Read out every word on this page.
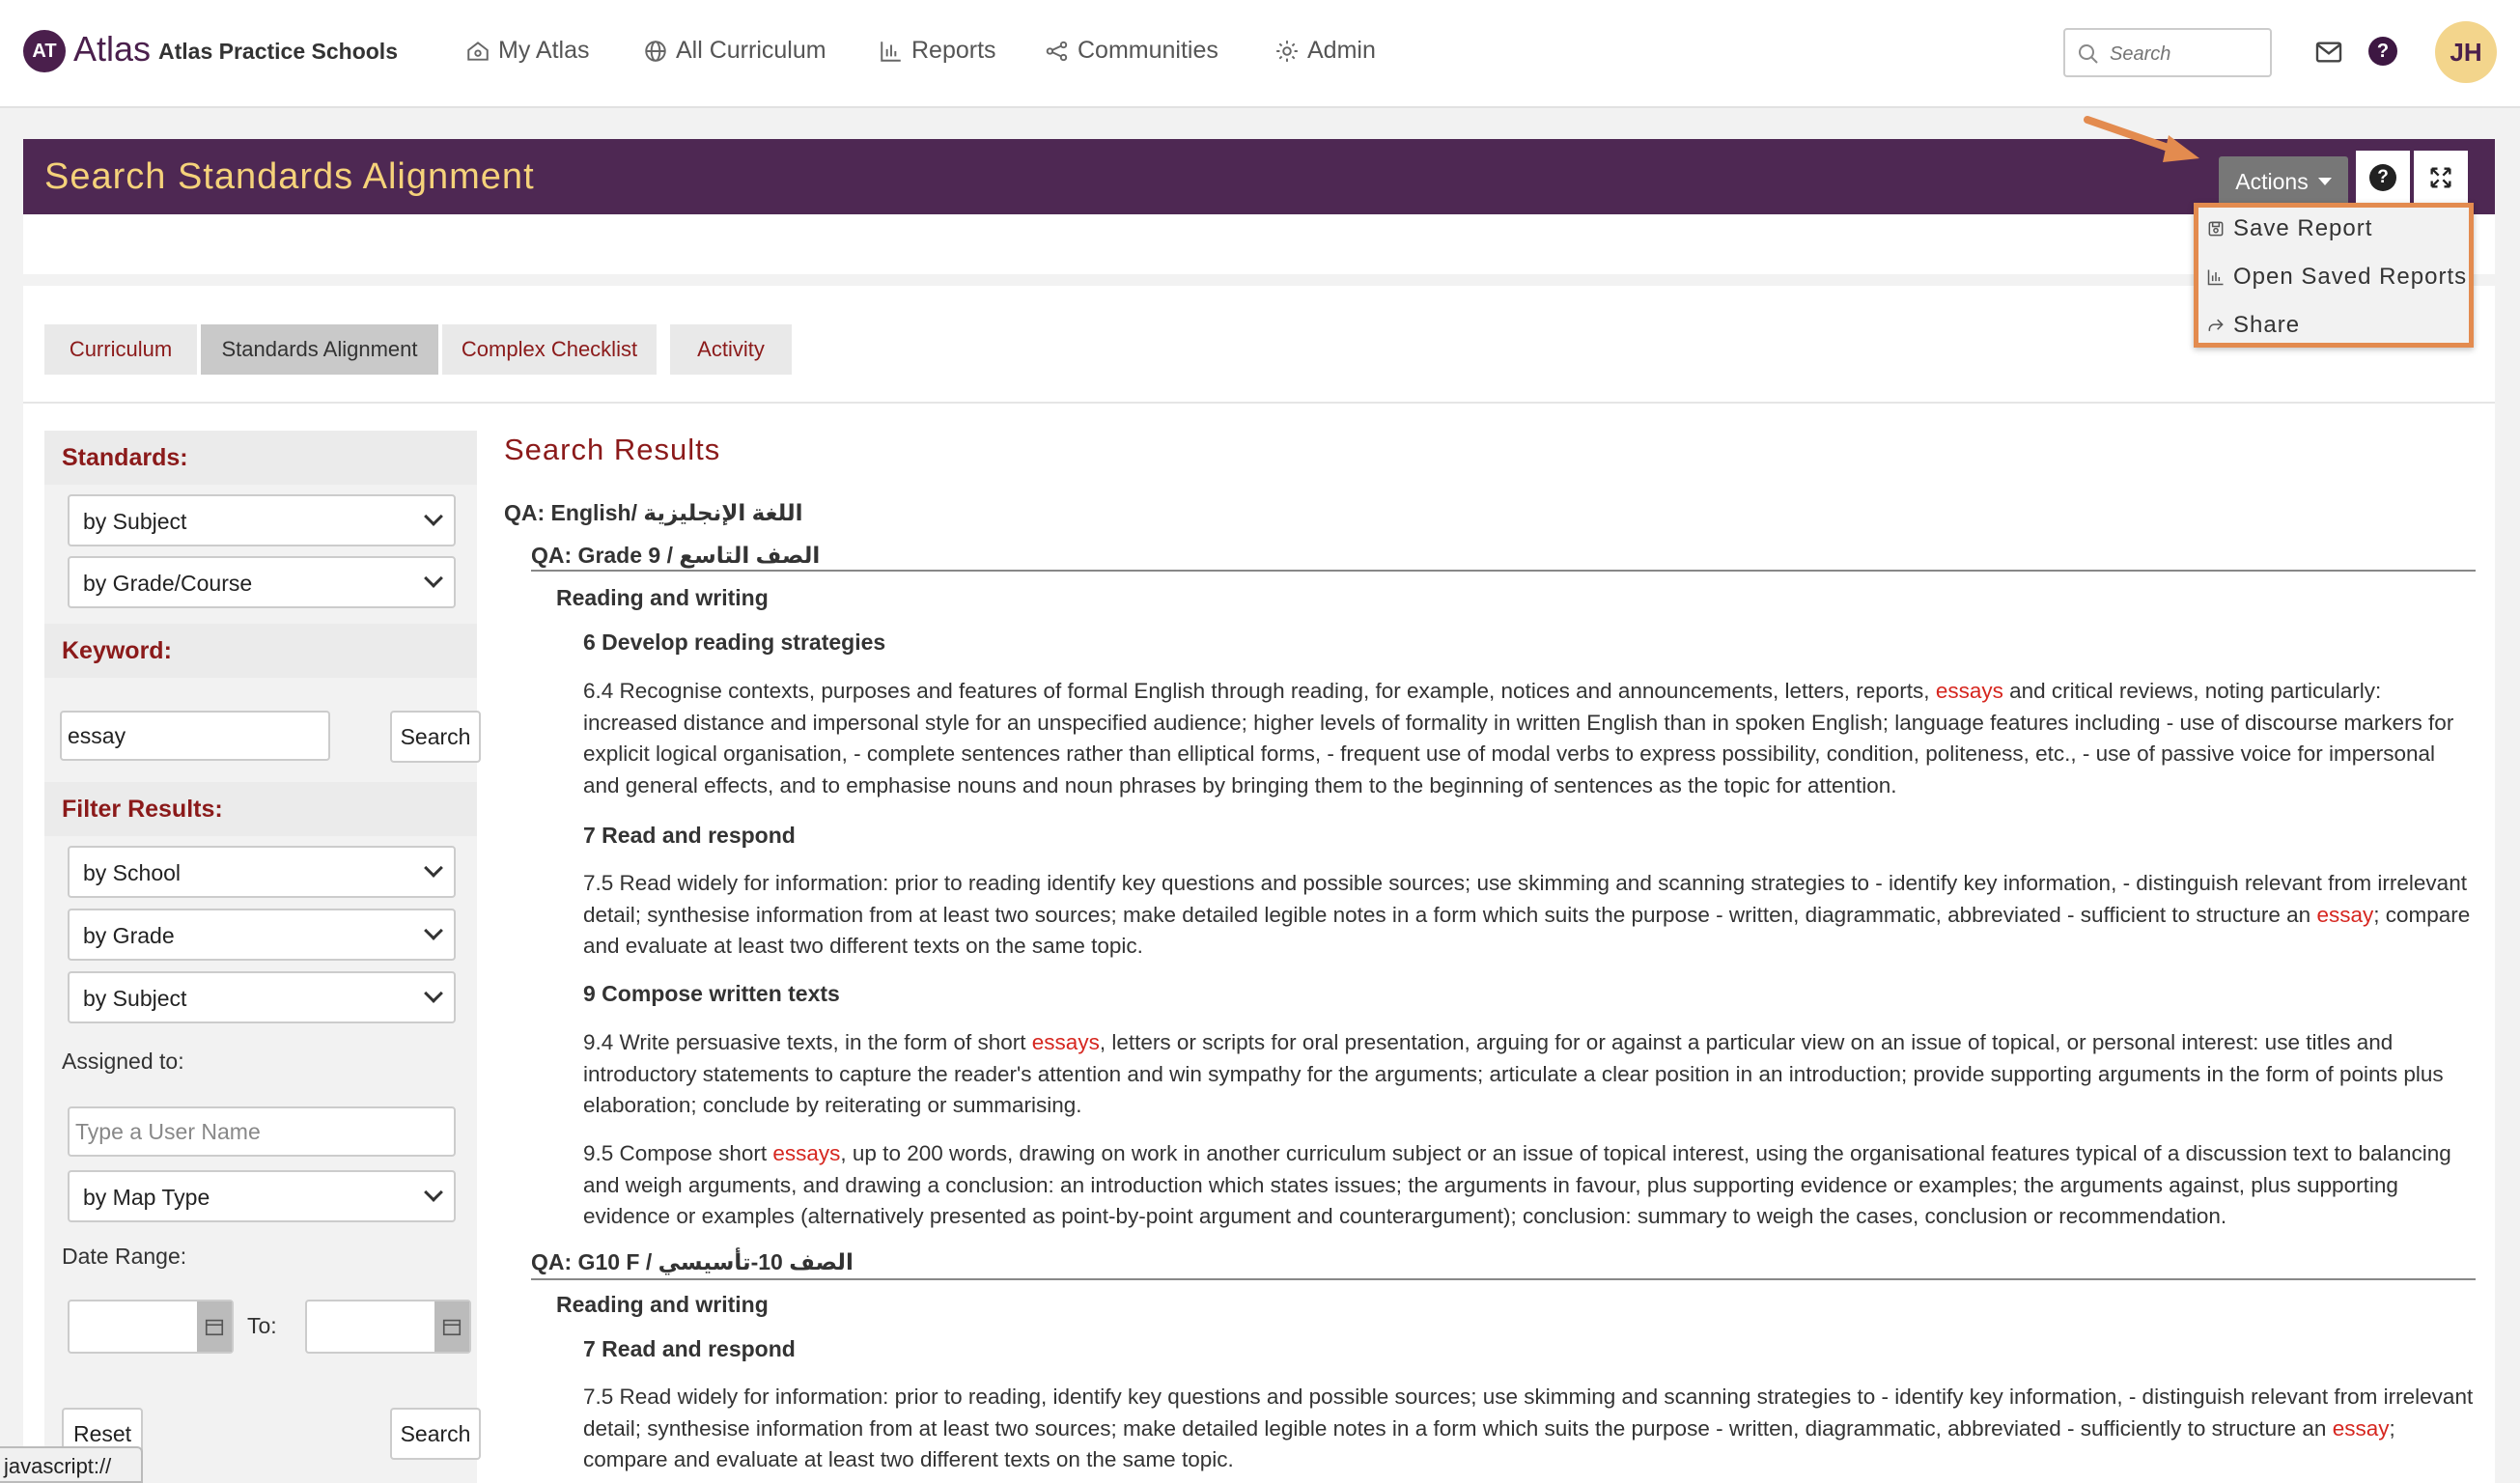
AT Atlas Atlas Practice Schools	My Atlas	All Curriculum	Reports	Communities	Admin
Search	?	JH
Search Standards Alignment	Actions	?
Curriculum	Standards Alignment	Complex Checklist	Activity
Standards:
by Subject
by Grade/Course
Keyword:
essay
Search
Filter Results:
by School
by Grade
by Subject
Assigned to:
Type a User Name
by Map Type
Date Range:
To:
Reset	Search
Search Results
QA: English/ اللغة الإنجليزية
QA: Grade 9 / الصف التاسع
Reading and writing
6 Develop reading strategies
6.4 Recognise contexts, purposes and features of formal English through reading, for example, notices and announcements, letters, reports, essays and critical reviews, noting particularly: increased distance and impersonal style for an unspecified audience; higher levels of formality in written English than in spoken English; language features including - use of discourse markers for explicit logical organisation, - complete sentences rather than elliptical forms, - frequent use of modal verbs to express possibility, condition, politeness, etc., - use of passive voice for impersonal and general effects, and to emphasise nouns and noun phrases by bringing them to the beginning of sentences as the topic for attention.
7 Read and respond
7.5 Read widely for information: prior to reading identify key questions and possible sources; use skimming and scanning strategies to - identify key information, - distinguish relevant from irrelevant detail; synthesise information from at least two sources; make detailed legible notes in a form which suits the purpose - written, diagrammatic, abbreviated - sufficient to structure an essay; compare and evaluate at least two different texts on the same topic.
9 Compose written texts
9.4 Write persuasive texts, in the form of short essays, letters or scripts for oral presentation, arguing for or against a particular view on an issue of topical, or personal interest: use titles and introductory statements to capture the reader's attention and win sympathy for the arguments; articulate a clear position in an introduction; provide supporting arguments in the form of points plus elaboration; conclude by reiterating or summarising.
9.5 Compose short essays, up to 200 words, drawing on work in another curriculum subject or an issue of topical interest, using the organisational features typical of a discussion text to balancing and weigh arguments, and drawing a conclusion: an introduction which states issues; the arguments in favour, plus supporting evidence or examples; the arguments against, plus supporting evidence or examples (alternatively presented as point-by-point argument and counterargument); conclusion: summary to weigh the cases, conclusion or recommendation.
QA: G10 F / الصف 10-تأسيسي
Reading and writing
7 Read and respond
7.5 Read widely for information: prior to reading, identify key questions and possible sources; use skimming and scanning strategies to - identify key information, - distinguish relevant from irrelevant detail; synthesise information from at least two sources; make detailed legible notes in a form which suits the purpose - written, diagrammatic, abbreviated - sufficiently to structure an essay; compare and evaluate at least two different texts on the same topic.
Save Report
Open Saved Reports
Share
javascript://
